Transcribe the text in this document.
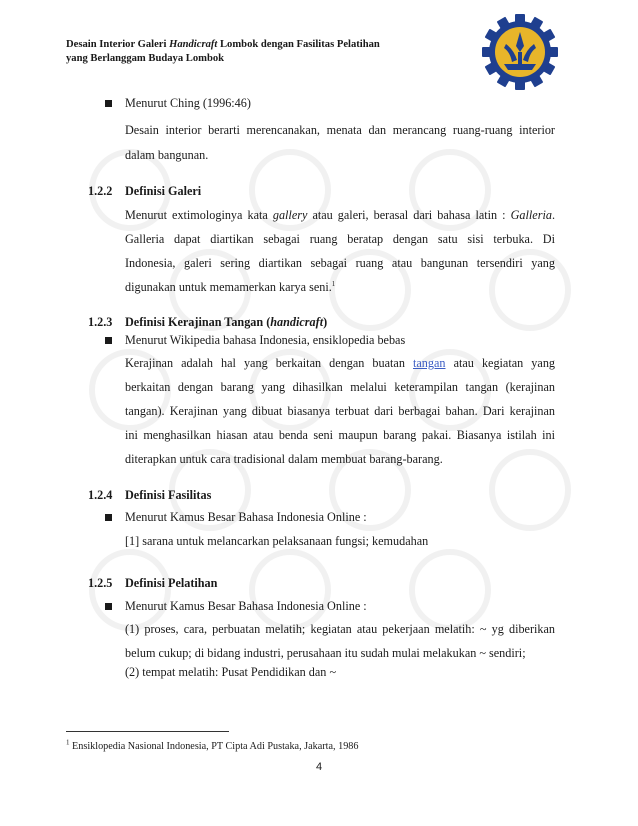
Desain Interior Galeri Handicraft Lombok dengan Fasilitas Pelatihan
yang Berlanggam Budaya Lombok
Menurut Ching (1996:46)
Desain interior berarti merencanakan, menata dan merancang ruang-ruang interior
dalam bangunan.
1.2.2 Definisi Galeri
Menurut extimologinya kata gallery atau galeri, berasal dari bahasa latin : Galleria.
Galleria dapat diartikan sebagai ruang beratap dengan satu sisi terbuka. Di
Indonesia, galeri sering diartikan sebagai ruang atau bangunan tersendiri yang
digunakan untuk memamerkan karya seni.$^1$
1.2.3 Definisi Kerajinan Tangan (handicraft)
Menurut Wikipedia bahasa Indonesia, ensiklopedia bebas
Kerajinan adalah hal yang berkaitan dengan buatan tangan atau kegiatan yang
berkaitan dengan barang yang dihasilkan melalui keterampilan tangan (kerajinan
tangan). Kerajinan yang dibuat biasanya terbuat dari berbagai bahan. Dari kerajinan
ini menghasilkan hiasan atau benda seni maupun barang pakai. Biasanya istilah ini
diterapkan untuk cara tradisional dalam membuat barang-barang.
1.2.4 Definisi Fasilitas
Menurut Kamus Besar Bahasa Indonesia Online :
[1] sarana untuk melancarkan pelaksanaan fungsi; kemudahan
1.2.5 Definisi Pelatihan
Menurut Kamus Besar Bahasa Indonesia Online :
(1) proses, cara, perbuatan melatih; kegiatan atau pekerjaan melatih: ~ yg diberikan
belum cukup; di bidang industri, perusahaan itu sudah mulai melakukan ~ sendiri;
(2) tempat melatih: Pusat Pendidikan dan ~
$^1$ Ensiklopedia Nasional Indonesia, PT Cipta Adi Pustaka, Jakarta, 1986
4
